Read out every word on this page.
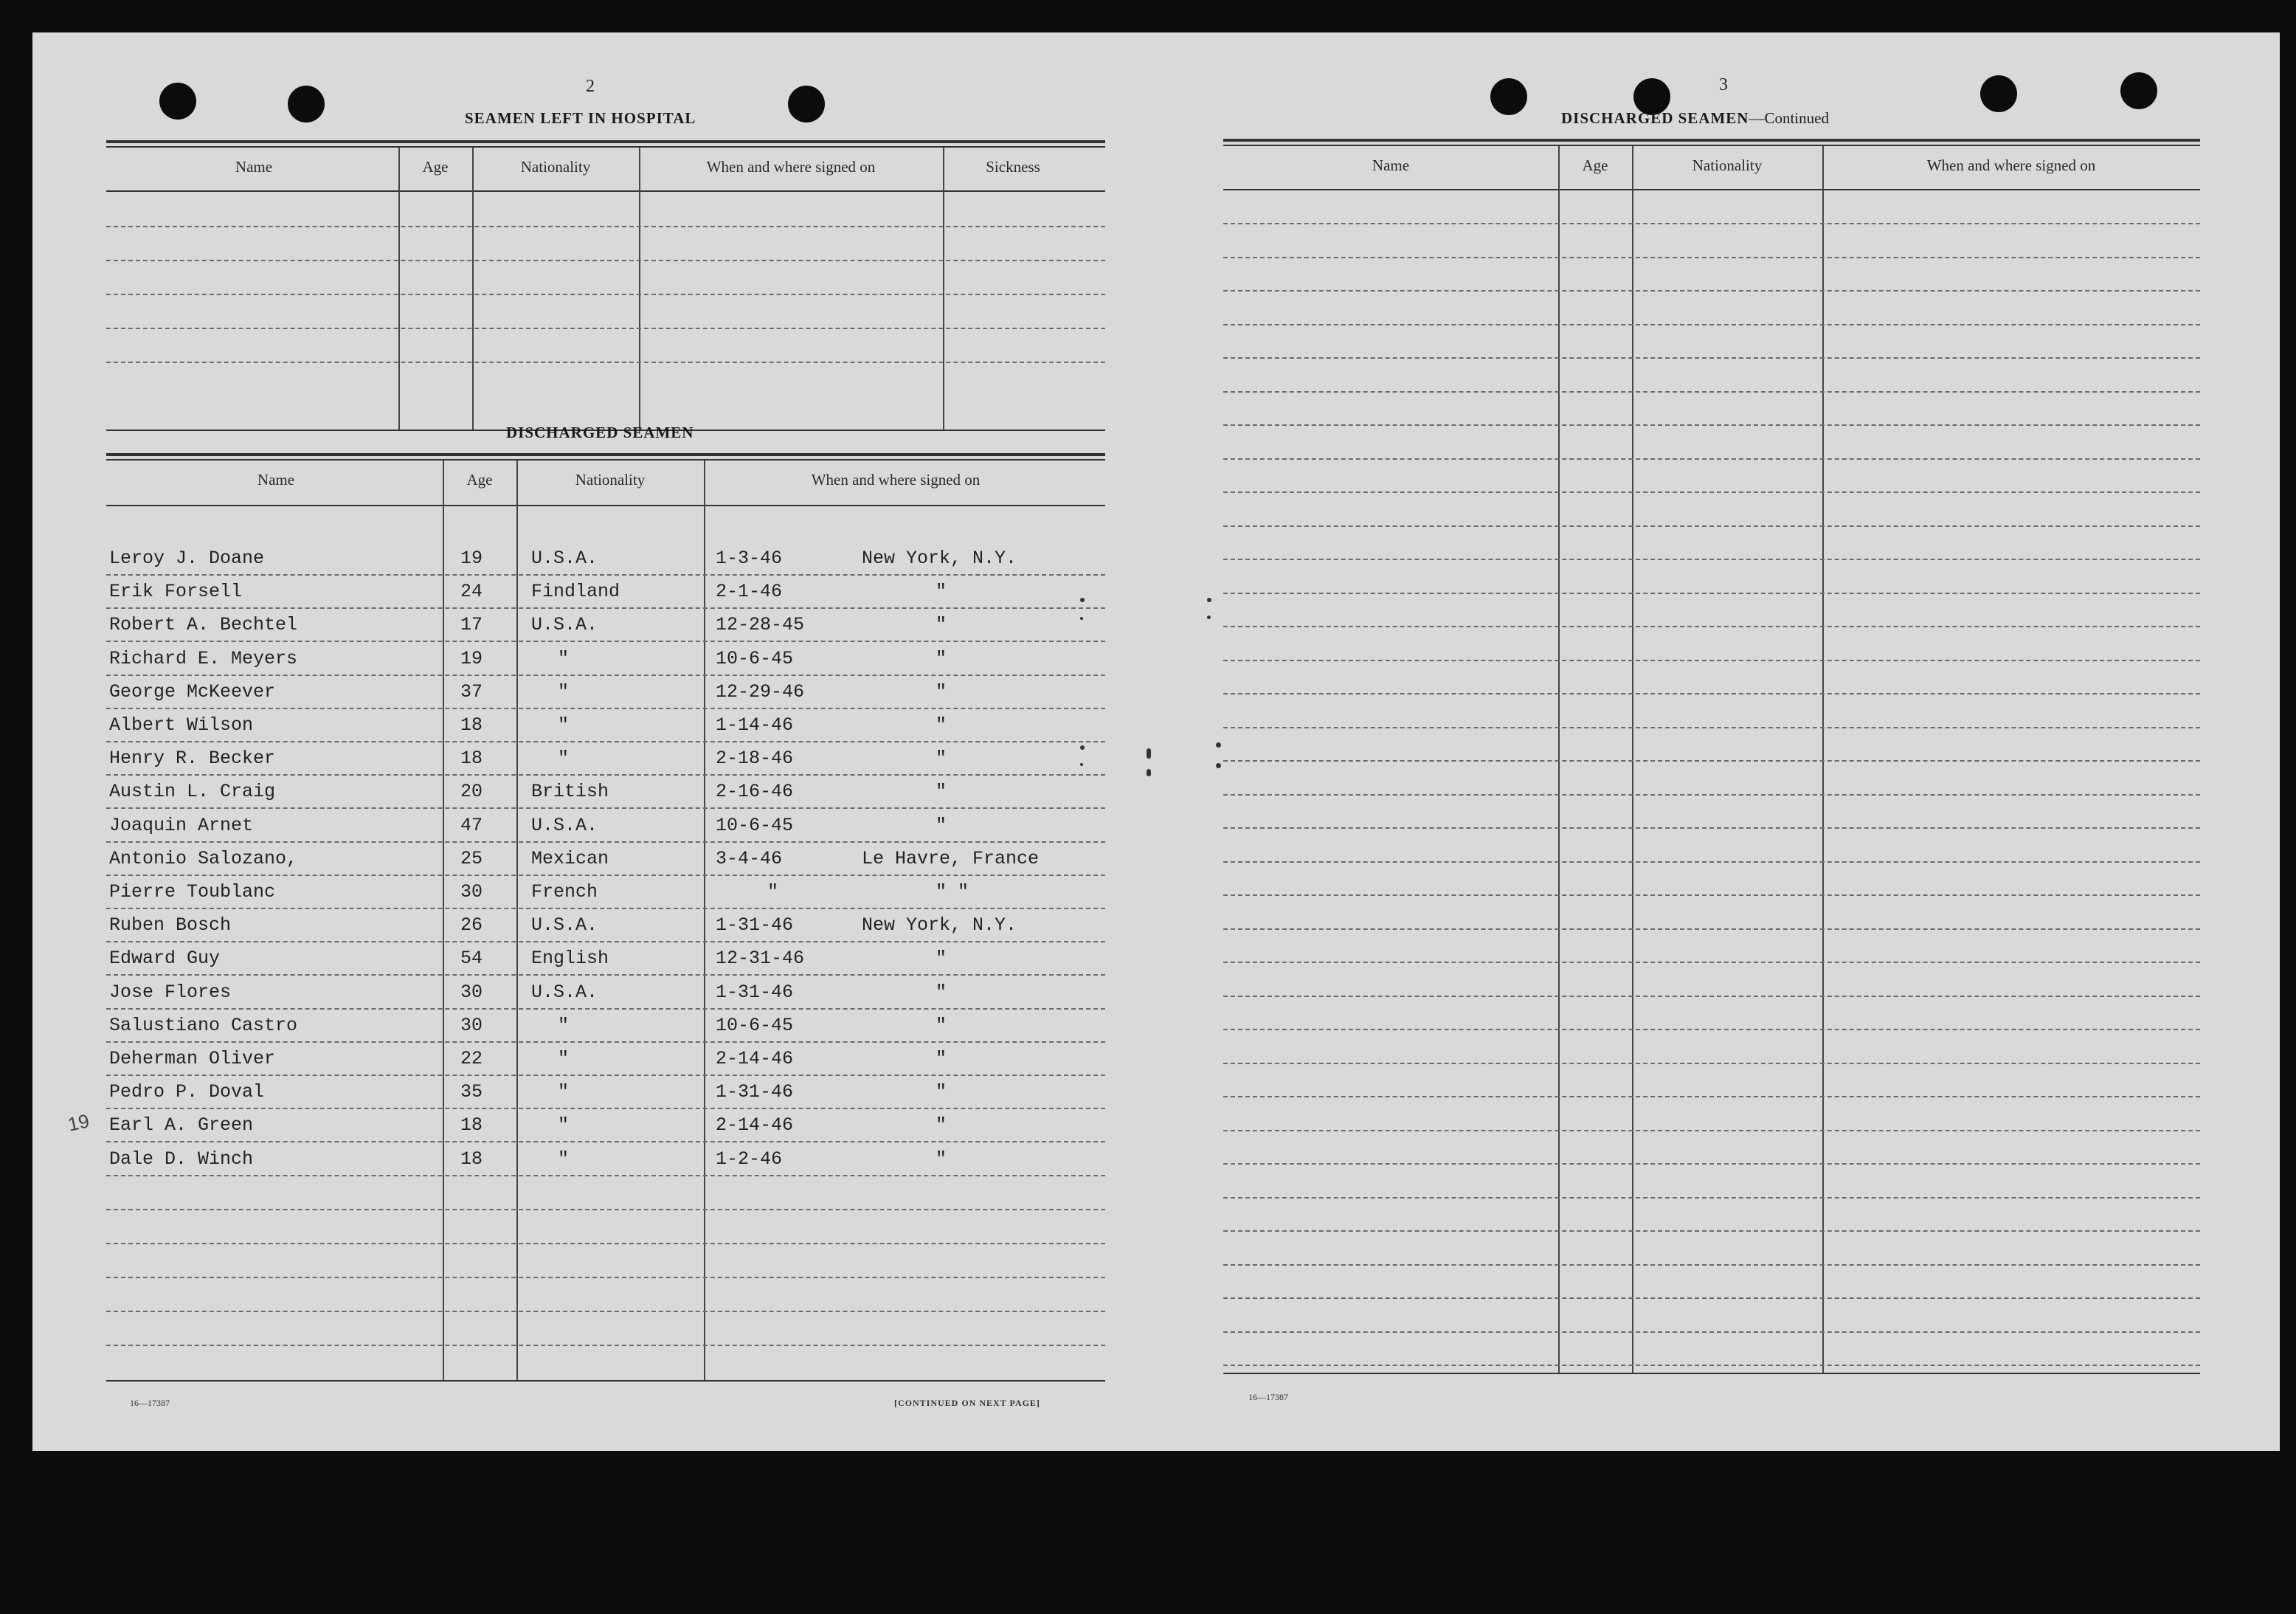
2
SEAMEN LEFT IN HOSPITAL
Name	Age	Nationality	When and where signed on	Sickness
DISCHARGED SEAMEN
Name	Age	Nationality	When and where signed on
Leroy J. Doane	19	U.S.A.	1-3-46	New York, N.Y.
Erik Forsell	24	Findland	2-1-46	"
Robert A. Bechtel	17	U.S.A.	12-28-45	"
Richard E. Meyers	19	"	10-6-45	"
George McKeever	37	"	12-29-46	"
Albert Wilson	18	"	1-14-46	"
Henry R. Becker	18	"	2-18-46	"
Austin L. Craig	20	British	2-16-46	"
Joaquin Arnet	47	U.S.A.	10-6-45	"
Antonio Salozano,	25	Mexican	3-4-46	Le Havre, France
Pierre Toublanc	30	French	"	" "
Ruben Bosch	26	U.S.A.	1-31-46	New York, N.Y.
Edward Guy	54	English	12-31-46	"
Jose Flores	30	U.S.A.	1-31-46	"
Salustiano Castro	30	"	10-6-45	"
Deherman Oliver	22	"	2-14-46	"
Pedro P. Doval	35	"	1-31-46	"
Earl A. Green	18	"	2-14-46	"
Dale D. Winch	18	"	1-2-46	"
19
16—17387	[CONTINUED ON NEXT PAGE]
3
DISCHARGED SEAMEN—Continued
Name	Age	Nationality	When and where signed on
16—17387
